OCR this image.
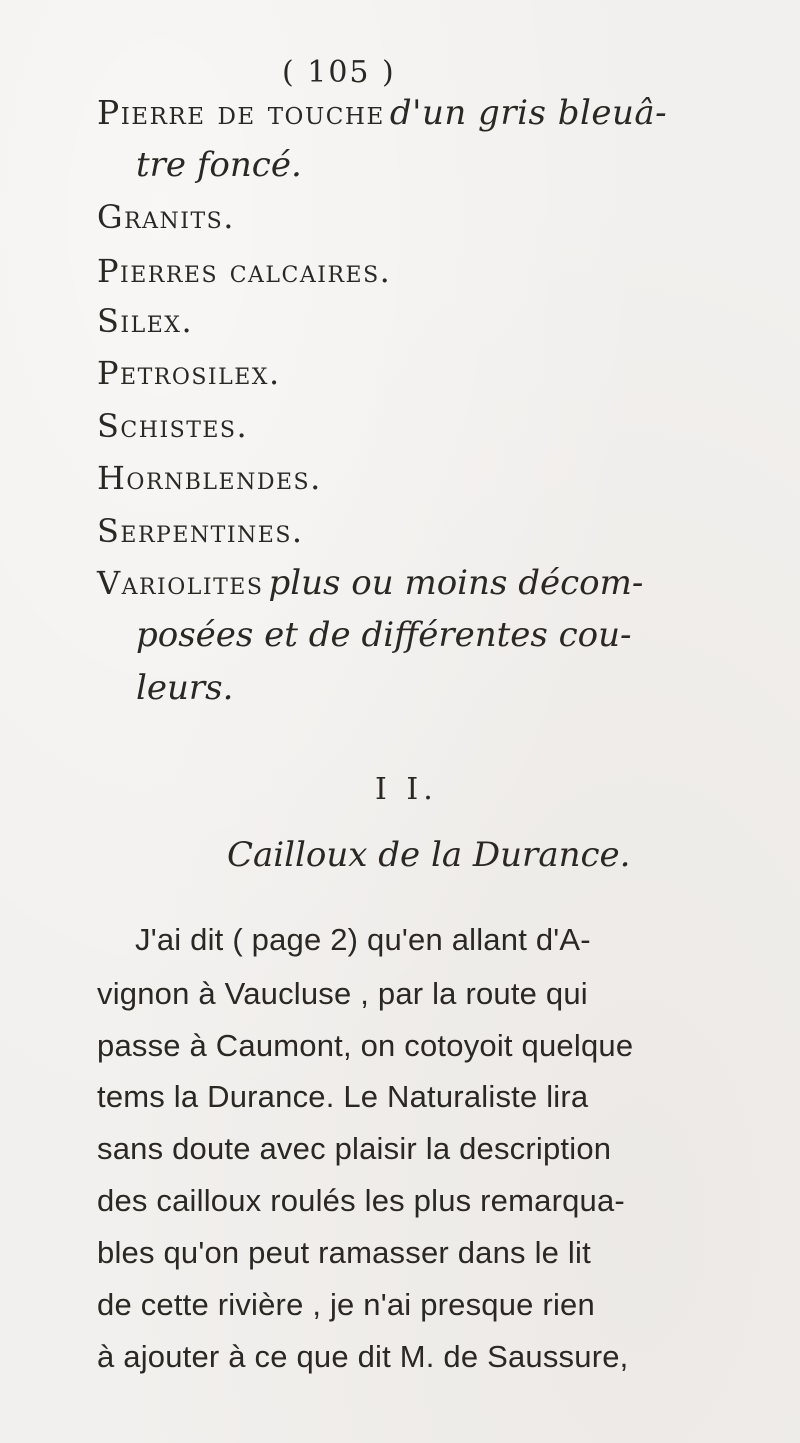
( 105 )
Pierre de touche d'un gris bleuâ-
tre foncé.
Granits.
Pierres calcaires.
Silex.
Petrosilex.
Schistes.
Hornblendes.
Serpentines.
Variolites plus ou moins décom-
posées et de différentes cou-
leurs.
I I.
Cailloux de la Durance.
J'ai dit ( page 2) qu'en allant d'A-
vignon à Vaucluse , par la route qui
passe à Caumont, on cotoyoit quelque
tems la Durance. Le Naturaliste lira
sans doute avec plaisir la description
des cailloux roulés les plus remarqua-
bles qu'on peut ramasser dans le lit
de cette rivière , je n'ai presque rien
à ajouter à ce que dit M. de Saussure,
